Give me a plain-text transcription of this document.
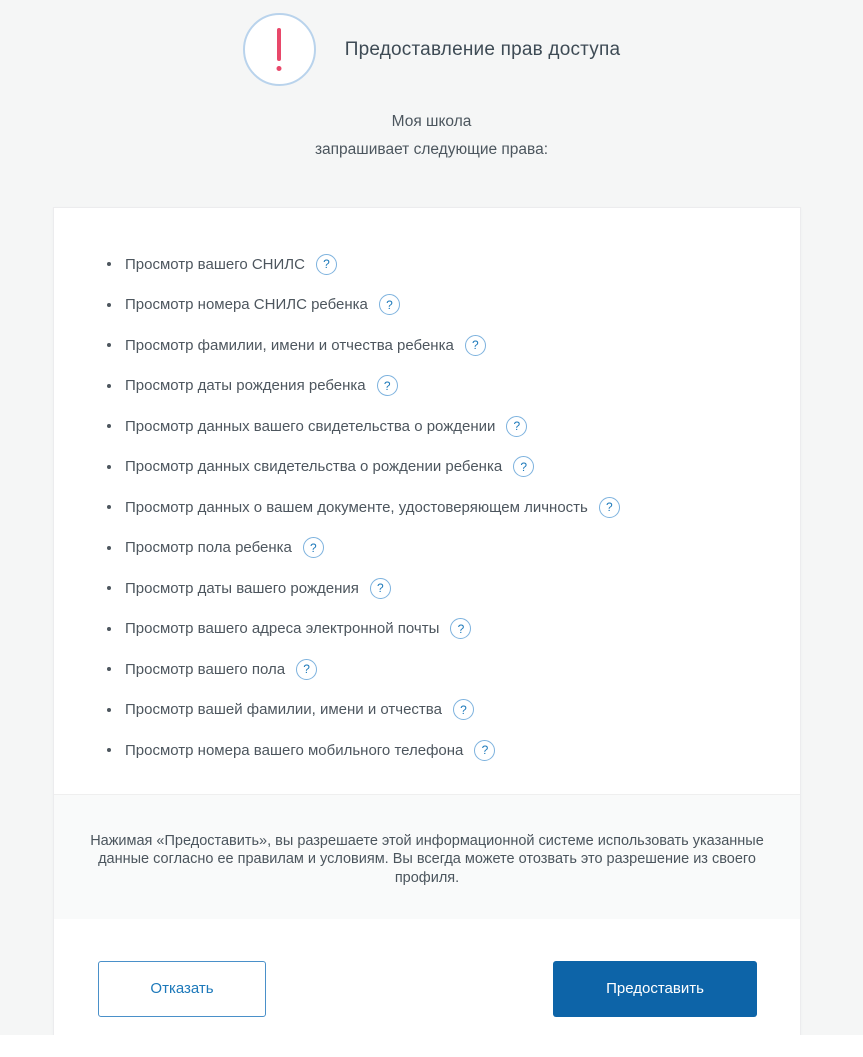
Предоставление прав доступа
Моя школа
запрашивает следующие права:
Просмотр вашего СНИЛС	?
Просмотр номера СНИЛС ребенка	?
Просмотр фамилии, имени и отчества ребенка	?
Просмотр даты рождения ребенка	?
Просмотр данных вашего свидетельства о рождении	?
Просмотр данных свидетельства о рождении ребенка	?
Просмотр данных о вашем документе, удостоверяющем личность	?
Просмотр пола ребенка	?
Просмотр даты вашего рождения	?
Просмотр вашего адреса электронной почты	?
Просмотр вашего пола	?
Просмотр вашей фамилии, имени и отчества	?
Просмотр номера вашего мобильного телефона	?
Нажимая «Предоставить», вы разрешаете этой информационной системе использовать указанные данные согласно ее правилам и условиям. Вы всегда можете отозвать это разрешение из своего профиля.
Отказать	Предоставить
